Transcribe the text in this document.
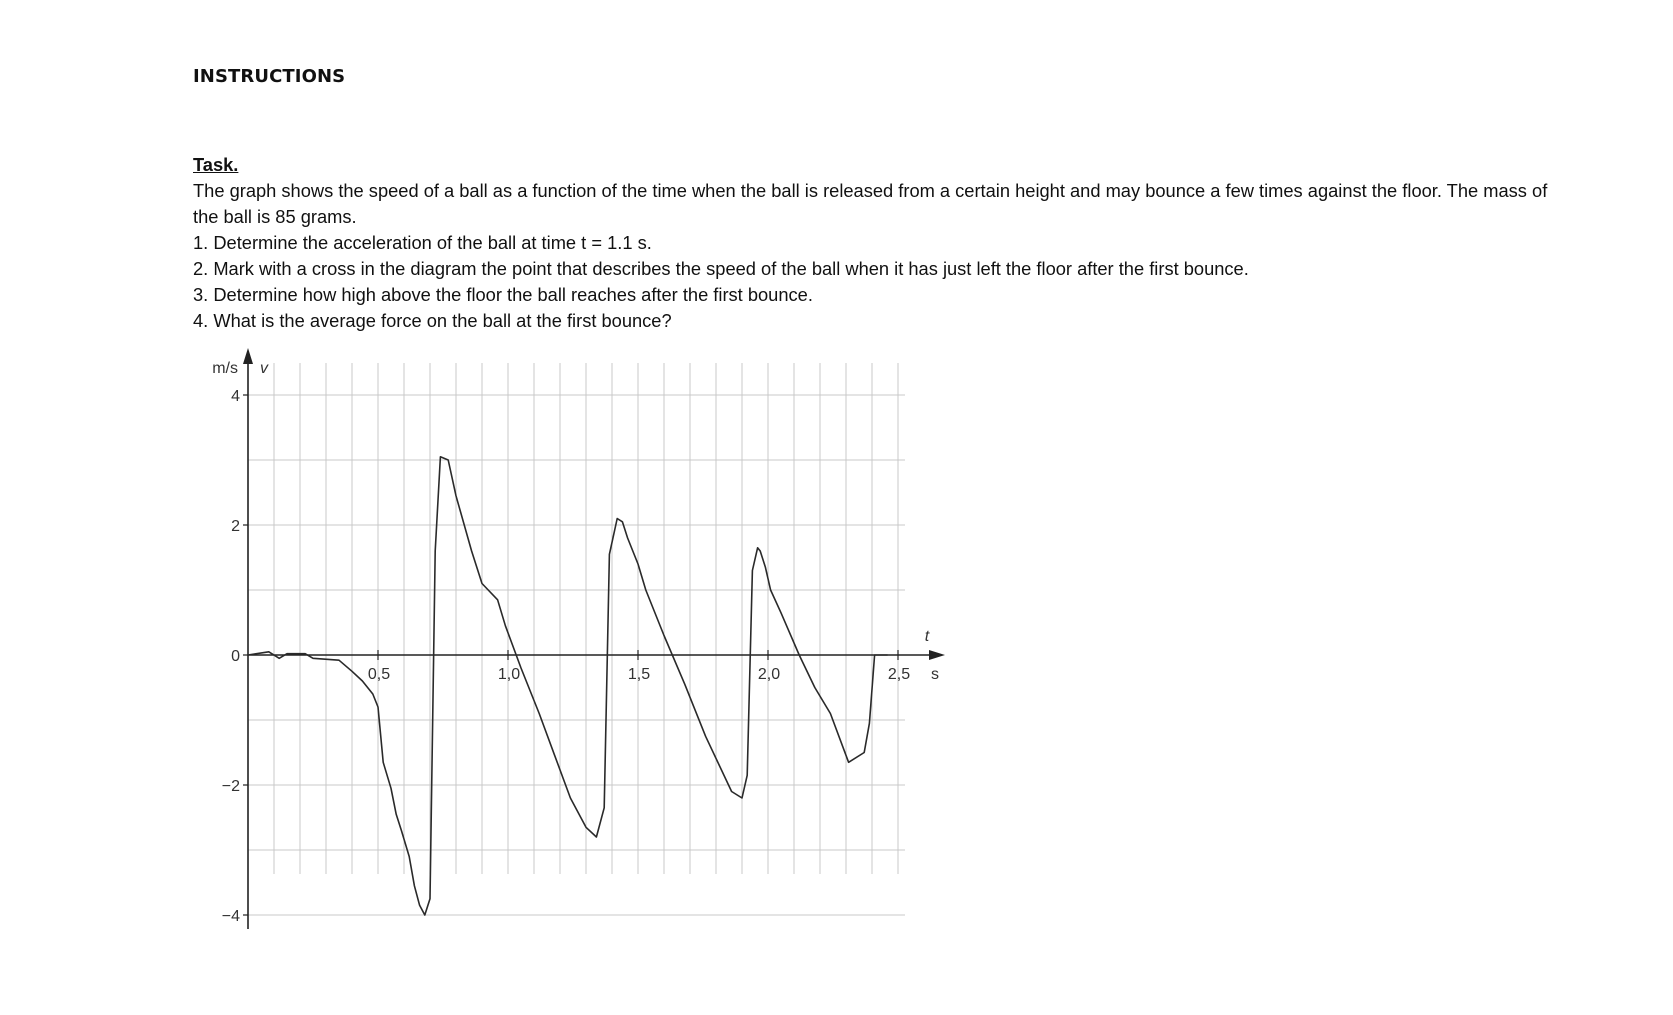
INSTRUCTIONS
Task.
The graph shows the speed of a ball as a function of the time when the ball is released from a certain height and may bounce a few times against the floor. The mass of the ball is 85 grams.
1. Determine the acceleration of the ball at time t = 1.1 s.
2. Mark with a cross in the diagram the point that describes the speed of the ball when it has just left the floor after the first bounce.
3. Determine how high above the floor the ball reaches after the first bounce.
4. What is the average force on the ball at the first bounce?
4
2
0
−2
−4
0,5	1,0	1,5	2,0	2,5
m/s v
t
s
